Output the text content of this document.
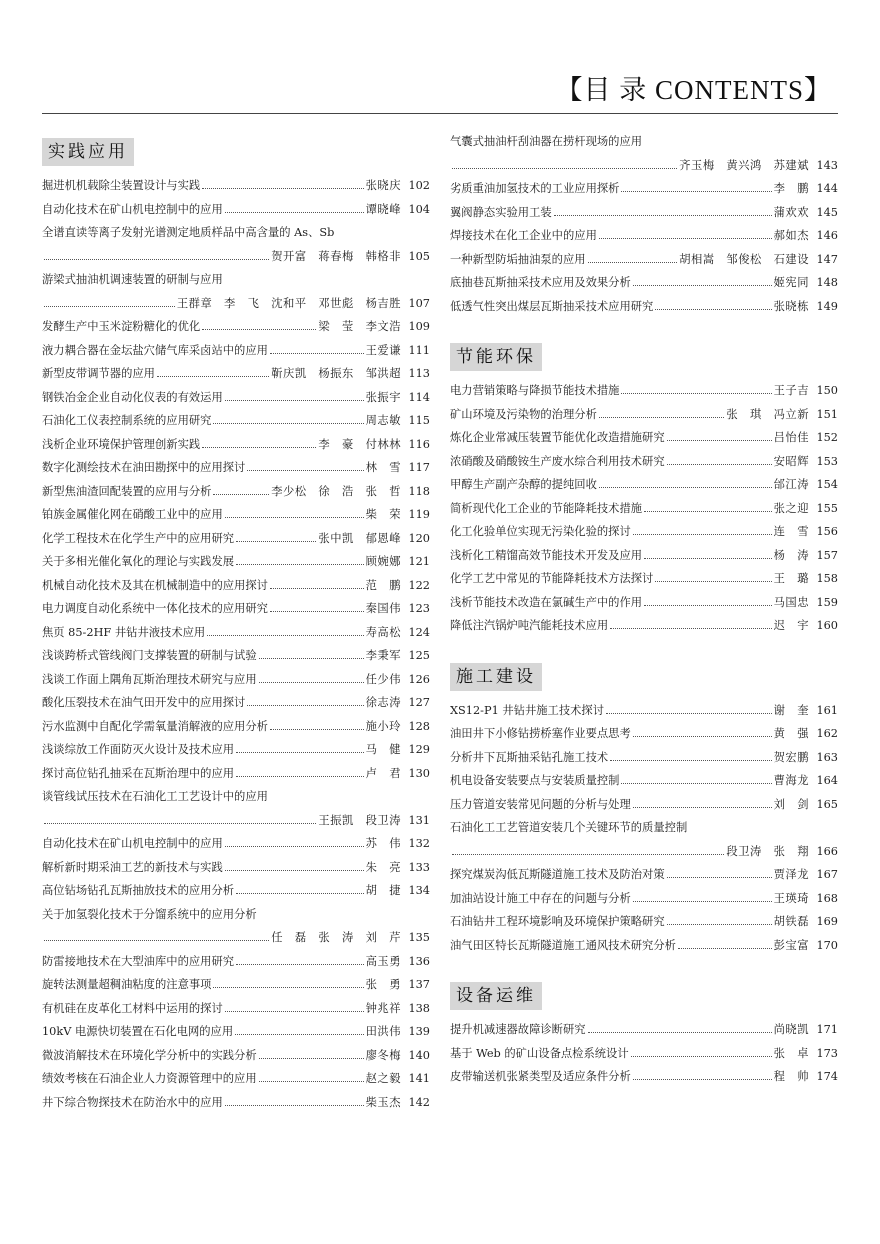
【目 录 CONTENTS】
实践应用
掘进机机载除尘装置设计与实践	张晓庆 102
自动化技术在矿山机电控制中的应用	谭晓峰 104
全谱直读等离子发射光谱测定地质样品中高含量的 As、Sb
贺开富　蒋春梅　韩格非 105
游梁式抽油机调速装置的研制与应用
王群章　李　飞　沈和平　邓世彪　杨吉胜 107
发酵生产中玉米淀粉糖化的优化	梁　莹　李文浩 109
液力耦合器在金坛盐穴储气库采卤站中的应用	王爱谦 111
新型皮带调节器的应用	靳庆凯　杨振东　邹洪超 113
钢铁冶金企业自动化仪表的有效运用	张振宇 114
石油化工仪表控制系统的应用研究	周志敏 115
浅析企业环境保护管理创新实践	李　豪　付林林 116
数字化测绘技术在油田勘探中的应用探讨	林　雪 117
新型焦油渣回配装置的应用与分析	李少松　徐　浩　张　哲 118
铂族金属催化网在硝酸工业中的应用	柴　荣 119
化学工程技术在化学生产中的应用研究	张中凯　郁恩峰 120
关于多相光催化氧化的理论与实践发展	顾婉娜 121
机械自动化技术及其在机械制造中的应用探讨	范　鹏 122
电力调度自动化系统中一体化技术的应用研究	秦国伟 123
焦页 85-2HF 井钻井液技术应用	寿高松 124
浅谈跨桥式管线阀门支撑装置的研制与试验	李秉军 125
浅谈工作面上隅角瓦斯治理技术研究与应用	任少伟 126
酸化压裂技术在油气田开发中的应用探讨	徐志涛 127
污水监测中自配化学需氧量消解液的应用分析	施小玲 128
浅谈综放工作面防灭火设计及技术应用	马　健 129
探讨高位钻孔抽采在瓦斯治理中的应用	卢　君 130
谈管线试压技术在石油化工工艺设计中的应用
王振凯　段卫涛 131
自动化技术在矿山机电控制中的应用	苏　伟 132
解析新时期采油工艺的新技术与实践	朱　亮 133
高位钻场钻孔瓦斯抽放技术的应用分析	胡　捷 134
关于加氢裂化技术于分馏系统中的应用分析
任　磊　张　涛　刘　芹 135
防雷接地技术在大型油库中的应用研究	高玉勇 136
旋转法测量超稠油粘度的注意事项	张　勇 137
有机硅在皮革化工材料中运用的探讨	钟兆祥 138
10kV 电源快切装置在石化电网的应用	田洪伟 139
微波消解技术在环境化学分析中的实践分析	廖冬梅 140
绩效考核在石油企业人力资源管理中的应用	赵之毅 141
井下综合物探技术在防治水中的应用	柴玉杰 142
气囊式抽油杆刮油器在捞杆现场的应用
齐玉梅　黄兴鸿　苏建斌 143
劣质重油加氢技术的工业应用探析	李　鹏 144
翼阀静态实验用工装	蒲欢欢 145
焊接技术在化工企业中的应用	郝如杰 146
一种新型防垢抽油泵的应用	胡相嵩　邹俊松　石建设 147
底抽巷瓦斯抽采技术应用及效果分析	姬宪同 148
低透气性突出煤层瓦斯抽采技术应用研究	张晓栋 149
节能环保
电力营销策略与降损节能技术措施	王子吉 150
矿山环境及污染物的治理分析	张　琪　冯立新 151
炼化企业常减压装置节能优化改造措施研究	吕怡佳 152
浓硝酸及硝酸铵生产废水综合利用技术研究	安昭辉 153
甲醇生产副产杂醇的提纯回收	邰江涛 154
简析现代化工企业的节能降耗技术措施	张之迎 155
化工化验单位实现无污染化验的探讨	连　雪 156
浅析化工精馏高效节能技术开发及应用	杨　涛 157
化学工艺中常见的节能降耗技术方法探讨	王　璐 158
浅析节能技术改造在氯碱生产中的作用	马国忠 159
降低注汽锅炉吨汽能耗技术应用	迟　宇 160
施工建设
XS12-P1 井钻井施工技术探讨	谢　奎 161
油田井下小修钻捞桥塞作业要点思考	黄　强 162
分析井下瓦斯抽采钻孔施工技术	贺宏鹏 163
机电设备安装要点与安装质量控制	曹海龙 164
压力管道安装常见问题的分析与处理	刘　剑 165
石油化工工艺管道安装几个关键环节的质量控制
段卫涛　张　翔 166
探究煤炭沟低瓦斯隧道施工技术及防治对策	贾泽龙 167
加油站设计施工中存在的问题与分析	王瑛琦 168
石油钻井工程环境影响及环境保护策略研究	胡铁磊 169
油气田区特长瓦斯隧道施工通风技术研究分析	彭宝富 170
设备运维
提升机减速器故障诊断研究	尚晓凯 171
基于 Web 的矿山设备点检系统设计	张　卓 173
皮带输送机张紧类型及适应条件分析	程　帅 174
